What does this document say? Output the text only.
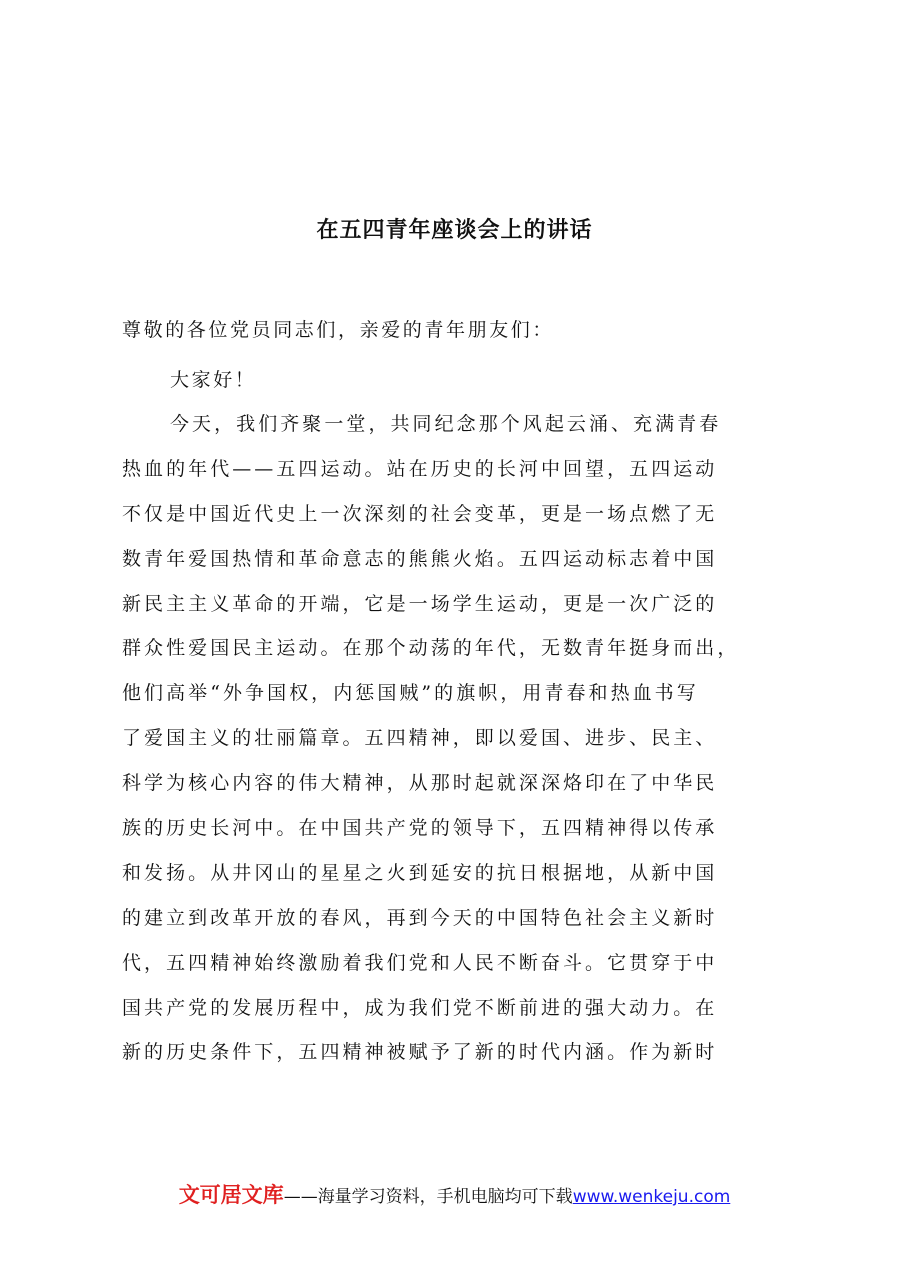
在五四青年座谈会上的讲话
尊敬的各位党员同志们，亲爱的青年朋友们：
大家好！
今天，我们齐聚一堂，共同纪念那个风起云涌、充满青春
热血的年代——五四运动。站在历史的长河中回望，五四运动
不仅是中国近代史上一次深刻的社会变革，更是一场点燃了无
数青年爱国热情和革命意志的熊熊火焰。五四运动标志着中国
新民主主义革命的开端，它是一场学生运动，更是一次广泛的
群众性爱国民主运动。在那个动荡的年代，无数青年挺身而出，
他们高举“外争国权，内惩国贼”的旗帜，用青春和热血书写
了爱国主义的壮丽篇章。五四精神，即以爱国、进步、民主、
科学为核心内容的伟大精神，从那时起就深深烙印在了中华民
族的历史长河中。在中国共产党的领导下，五四精神得以传承
和发扬。从井冈山的星星之火到延安的抗日根据地，从新中国
的建立到改革开放的春风，再到今天的中国特色社会主义新时
代，五四精神始终激励着我们党和人民不断奋斗。它贯穿于中
国共产党的发展历程中，成为我们党不断前进的强大动力。在
新的历史条件下，五四精神被赋予了新的时代内涵。作为新时
文可居文库——海量学习资料，手机电脑均可下载www.wenkeju.com
